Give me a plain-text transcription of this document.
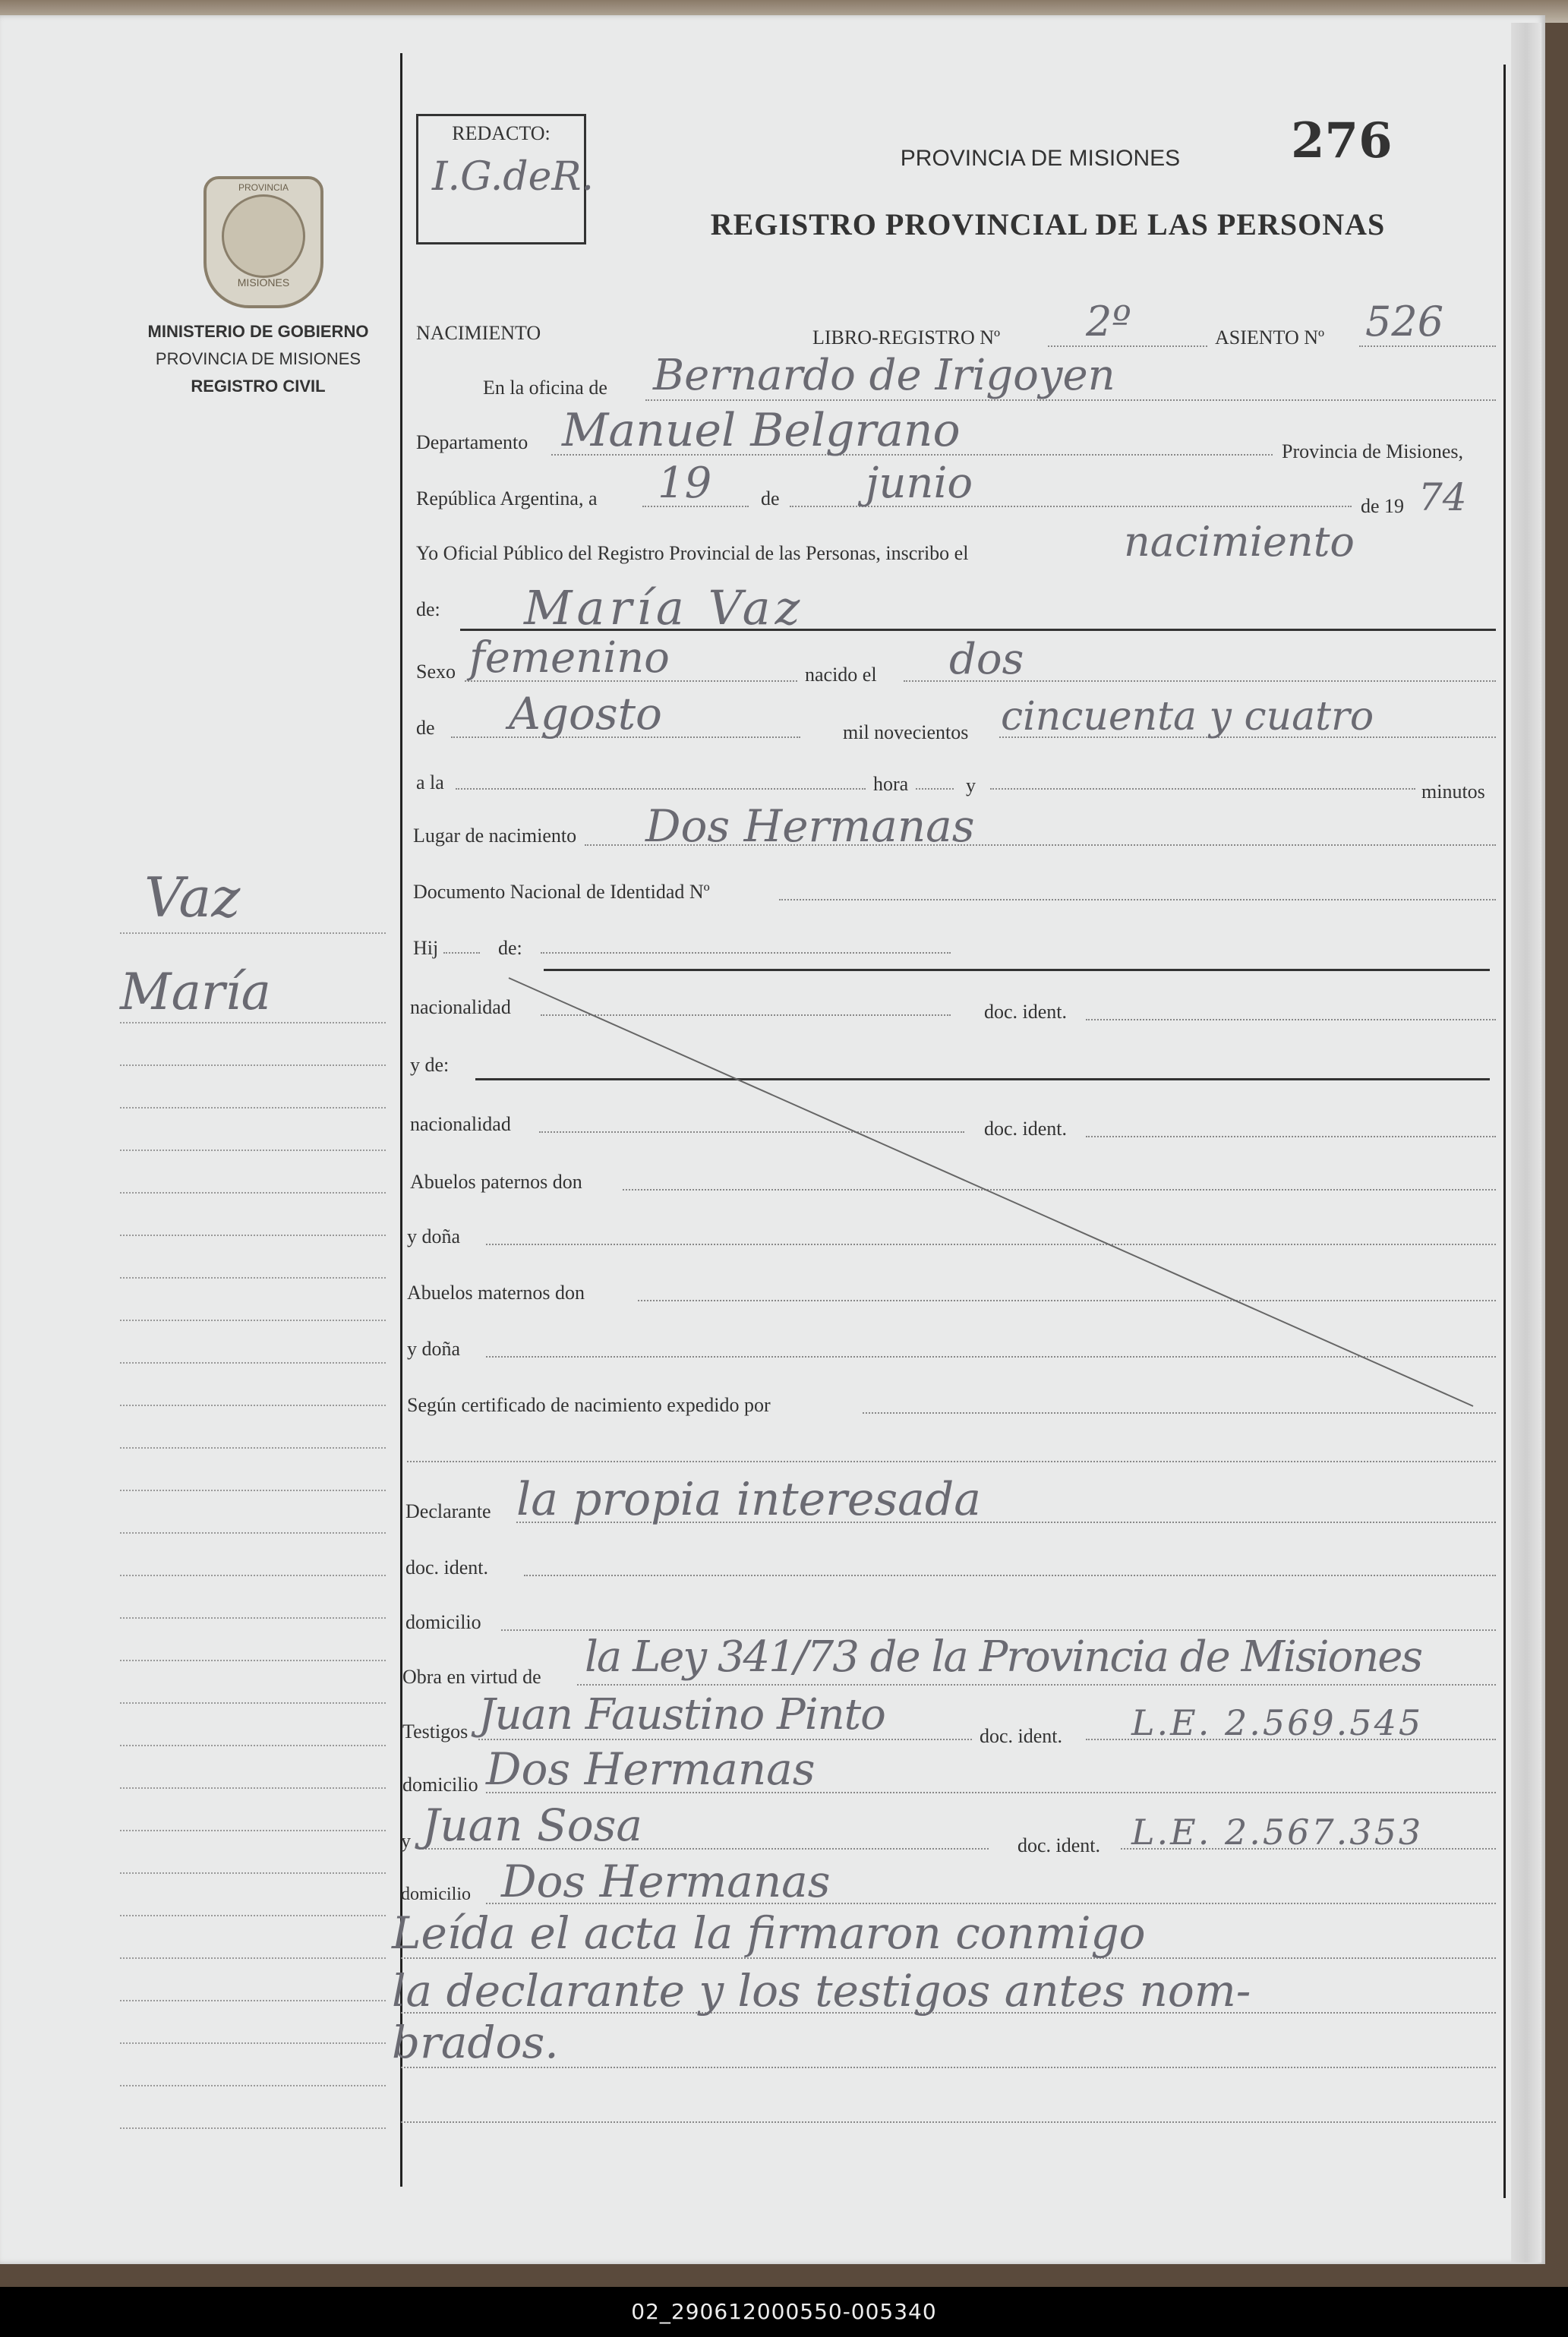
PROVINCIA
MISIONES
MINISTERIO DE GOBIERNO
PROVINCIA DE MISIONES
REGISTRO CIVIL
Vaz
María
REDACTO:
I.G.deR.
276
PROVINCIA DE MISIONES
REGISTRO PROVINCIAL DE LAS PERSONAS
NACIMIENTO	LIBRO-REGISTRO Nº 2º	ASIENTO Nº 526
En la oficina de Bernardo de Irigoyen
Departamento Manuel Belgrano	Provincia de Misiones,
República Argentina, a 19 de junio	de 19 74
Yo Oficial Público del Registro Provincial de las Personas, inscribo el	nacimiento
de: María Vaz
Sexo femenino	nacido el dos
de Agosto	mil novecientos cincuenta y cuatro
a la	hora	y	minutos
Lugar de nacimiento Dos Hermanas
Documento Nacional de Identidad Nº
Hij	de:
nacionalidad	doc. ident.
y de:
nacionalidad	doc. ident.
Abuelos paternos don
y doña
Abuelos maternos don
y doña
Según certificado de nacimiento expedido por
Declarante la propia interesada
doc. ident.
domicilio
Obra en virtud de la Ley 341/73 de la Provincia de Misiones
Testigos Juan Faustino Pinto	doc. ident. L.E. 2.569.545
domicilio Dos Hermanas
y Juan Sosa	doc. ident. L.E. 2.567.353
domicilio Dos Hermanas
Leída el acta la firmaron conmigo
la declarante y los testigos antes nom-
brados.
02_290612000550-005340
